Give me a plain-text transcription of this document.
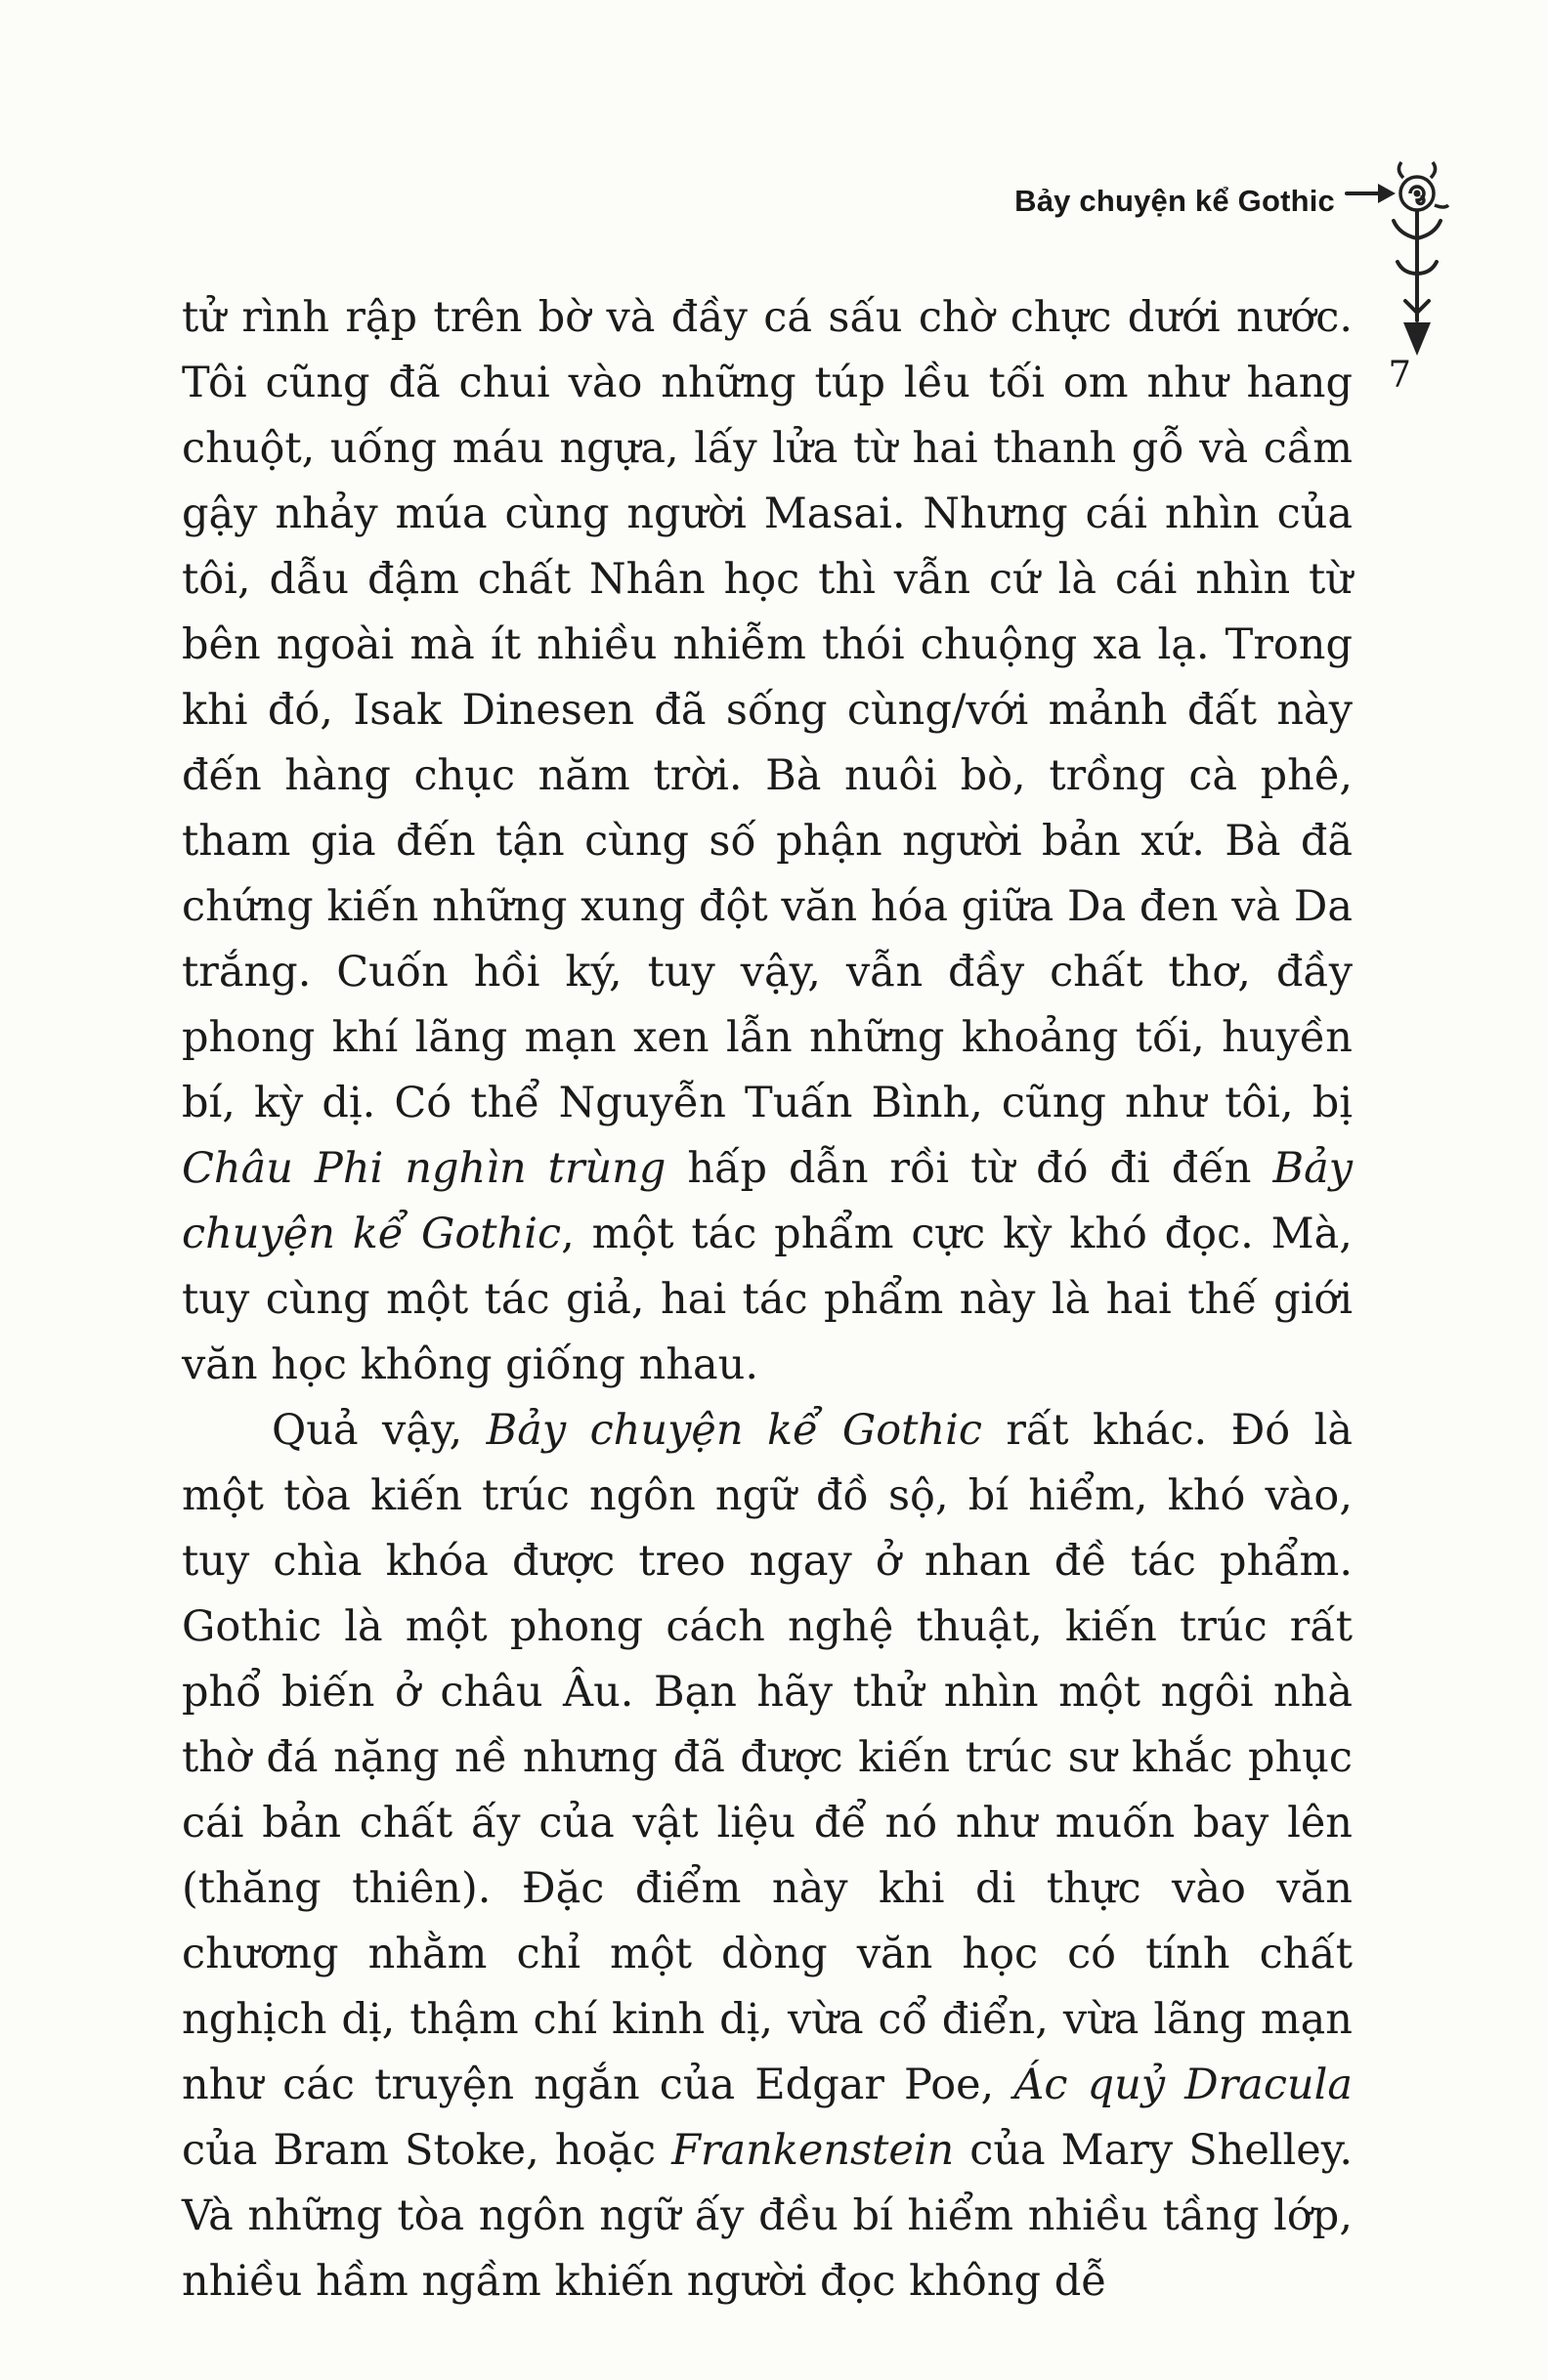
Bảy chuyện kể Gothic
7

tử rình rập trên bờ và đầy cá sấu chờ chực dưới nước. Tôi cũng đã chui vào những túp lều tối om như hang chuột, uống máu ngựa, lấy lửa từ hai thanh gỗ và cầm gậy nhảy múa cùng người Masai. Nhưng cái nhìn của tôi, dẫu đậm chất Nhân học thì vẫn cứ là cái nhìn từ bên ngoài mà ít nhiều nhiễm thói chuộng xa lạ. Trong khi đó, Isak Dinesen đã sống cùng/với mảnh đất này đến hàng chục năm trời. Bà nuôi bò, trồng cà phê, tham gia đến tận cùng số phận người bản xứ. Bà đã chứng kiến những xung đột văn hóa giữa Da đen và Da trắng. Cuốn hồi ký, tuy vậy, vẫn đầy chất thơ, đầy phong khí lãng mạn xen lẫn những khoảng tối, huyền bí, kỳ dị. Có thể Nguyễn Tuấn Bình, cũng như tôi, bị Châu Phi nghìn trùng hấp dẫn rồi từ đó đi đến Bảy chuyện kể Gothic, một tác phẩm cực kỳ khó đọc. Mà, tuy cùng một tác giả, hai tác phẩm này là hai thế giới văn học không giống nhau.

Quả vậy, Bảy chuyện kể Gothic rất khác. Đó là một tòa kiến trúc ngôn ngữ đồ sộ, bí hiểm, khó vào, tuy chìa khóa được treo ngay ở nhan đề tác phẩm. Gothic là một phong cách nghệ thuật, kiến trúc rất phổ biến ở châu Âu. Bạn hãy thử nhìn một ngôi nhà thờ đá nặng nề nhưng đã được kiến trúc sư khắc phục cái bản chất ấy của vật liệu để nó như muốn bay lên (thăng thiên). Đặc điểm này khi di thực vào văn chương nhằm chỉ một dòng văn học có tính chất nghịch dị, thậm chí kinh dị, vừa cổ điển, vừa lãng mạn như các truyện ngắn của Edgar Poe, Ác quỷ Dracula của Bram Stoke, hoặc Frankenstein của Mary Shelley. Và những tòa ngôn ngữ ấy đều bí hiểm nhiều tầng lớp, nhiều hầm ngầm khiến người đọc không dễ
